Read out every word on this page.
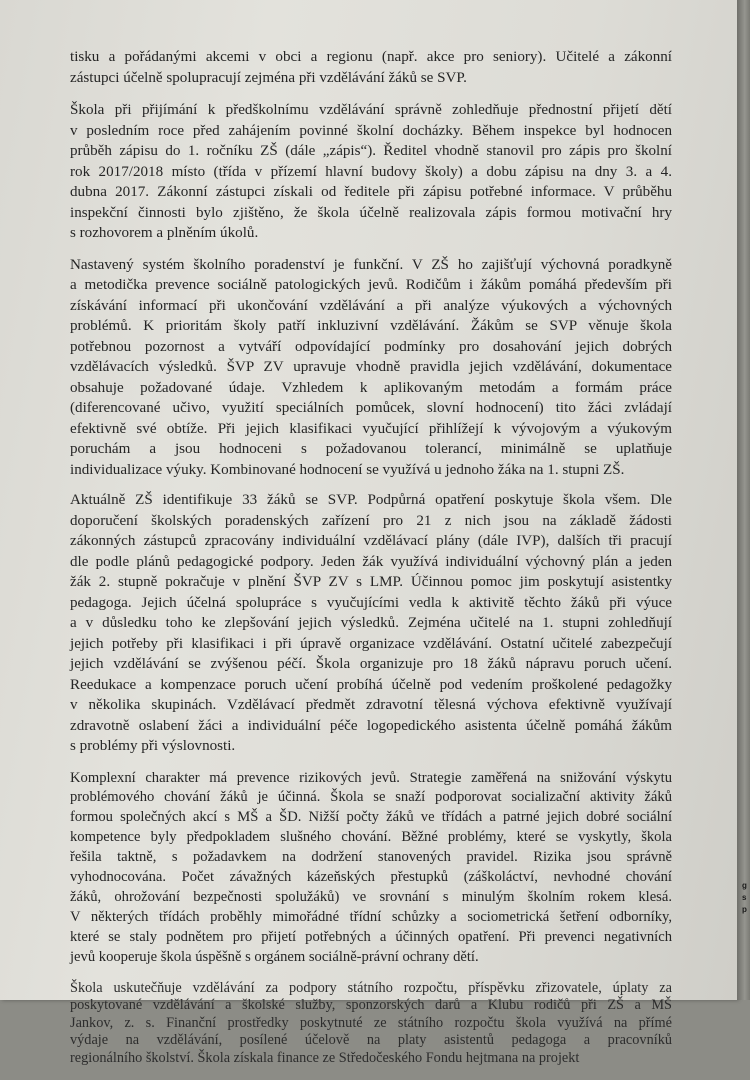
tisku a pořádanými akcemi v obci a regionu (např. akce pro seniory). Učitelé a zákonní
zástupci účelně spolupracují zejména při vzdělávání žáků se SVP.

Škola při přijímání k předškolnímu vzdělávání správně zohledňuje přednostní přijetí dětí
v posledním roce před zahájením povinné školní docházky. Během inspekce byl hodnocen
průběh zápisu do 1. ročníku ZŠ (dále „zápis“). Ředitel vhodně stanovil pro zápis pro školní
rok 2017/2018 místo (třída v přízemí hlavní budovy školy) a dobu zápisu na dny 3. a 4.
dubna 2017. Zákonní zástupci získali od ředitele při zápisu potřebné informace. V průběhu
inspekční činnosti bylo zjištěno, že škola účelně realizovala zápis formou motivační hry
s rozhovorem a plněním úkolů.

Nastavený systém školního poradenství je funkční. V ZŠ ho zajišťují výchovná poradkyně
a metodička prevence sociálně patologických jevů. Rodičům i žákům pomáhá především při
získávání informací při ukončování vzdělávání a při analýze výukových a výchovných
problémů. K prioritám školy patří inkluzivní vzdělávání. Žákům se SVP věnuje škola
potřebnou pozornost a vytváří odpovídající podmínky pro dosahování jejich dobrých
vzdělávacích výsledků. ŠVP ZV upravuje vhodně pravidla jejich vzdělávání, dokumentace
obsahuje požadované údaje. Vzhledem k aplikovaným metodám a formám práce
(diferencované učivo, využití speciálních pomůcek, slovní hodnocení) tito žáci zvládají
efektivně své obtíže. Při jejich klasifikaci vyučující přihlížejí k vývojovým a výukovým
poruchám a jsou hodnoceni s požadovanou tolerancí, minimálně se uplatňuje
individualizace výuky. Kombinované hodnocení se využívá u jednoho žáka na 1. stupni ZŠ.

Aktuálně ZŠ identifikuje 33 žáků se SVP. Podpůrná opatření poskytuje škola všem. Dle
doporučení školských poradenských zařízení pro 21 z nich jsou na základě žádosti
zákonných zástupců zpracovány individuální vzdělávací plány (dále IVP), dalších tři pracují
dle podle plánů pedagogické podpory. Jeden žák využívá individuální výchovný plán a jeden
žák 2. stupně pokračuje v plnění ŠVP ZV s LMP. Účinnou pomoc jim poskytují asistentky
pedagoga. Jejich účelná spolupráce s vyučujícími vedla k aktivitě těchto žáků při výuce
a v důsledku toho ke zlepšování jejich výsledků. Zejména učitelé na 1. stupni zohledňují
jejich potřeby při klasifikaci i při úpravě organizace vzdělávání. Ostatní učitelé zabezpečují
jejich vzdělávání se zvýšenou péčí. Škola organizuje pro 18 žáků nápravu poruch učení.
Reedukace a kompenzace poruch učení probíhá účelně pod vedením proškolené pedagožky
v několika skupinách. Vzdělávací předmět zdravotní tělesná výchova efektivně využívají
zdravotně oslabení žáci a individuální péče logopedického asistenta účelně pomáhá žákům
s problémy při výslovnosti.

Komplexní charakter má prevence rizikových jevů. Strategie zaměřená na snižování výskytu
problémového chování žáků je účinná. Škola se snaží podporovat socializační aktivity žáků
formou společných akcí s MŠ a ŠD. Nižší počty žáků ve třídách a patrné jejich dobré sociální
kompetence byly předpokladem slušného chování. Běžné problémy, které se vyskytly, škola
řešila taktně, s požadavkem na dodržení stanovených pravidel. Rizika jsou správně
vyhodnocována. Počet závažných kázeňských přestupků (záškoláctví, nevhodné chování
žáků, ohrožování bezpečnosti spolužáků) ve srovnání s minulým školním rokem klesá.
V některých třídách proběhly mimořádné třídní schůzky a sociometrická šetření odborníky,
které se staly podnětem pro přijetí potřebných a účinných opatření. Při prevenci negativních
jevů kooperuje škola úspěšně s orgánem sociálně-právní ochrany dětí.

Škola uskutečňuje vzdělávání za podpory státního rozpočtu, příspěvku zřizovatele, úplaty za
poskytované vzdělávání a školské služby, sponzorských darů a Klubu rodičů při ZŠ a MŠ
Jankov, z. s. Finanční prostředky poskytnuté ze státního rozpočtu škola využívá na přímé
výdaje na vzdělávání, posílené účelově na platy asistentů pedagoga a pracovníků
regionálního školství. Škola získala finance ze Středočeského Fondu hejtmana na projekt

g
s
p
